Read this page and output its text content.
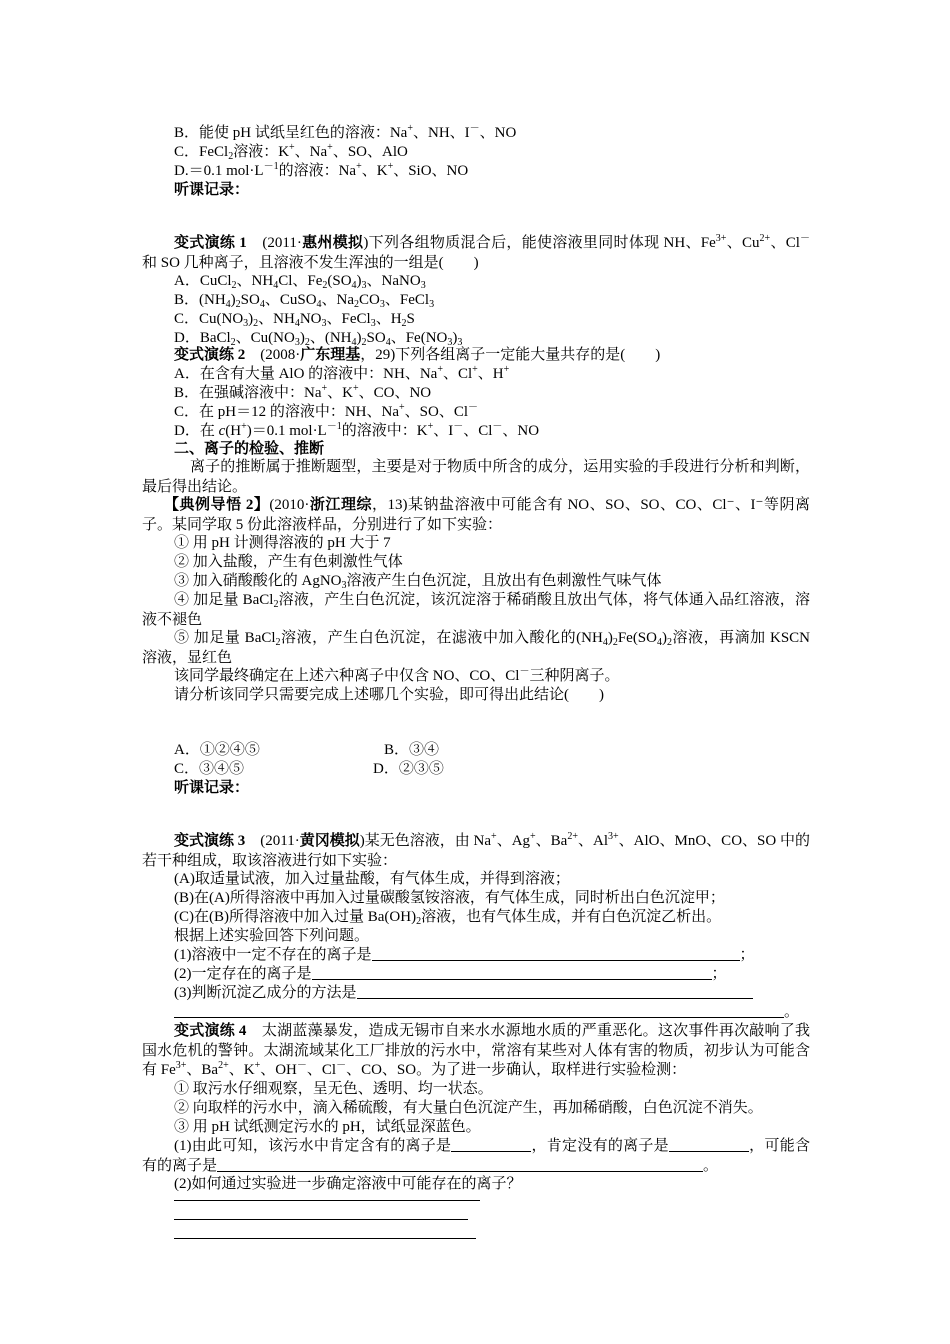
B．能使 pH 试纸呈红色的溶液：Na+、NH、I－、NO
C．FeCl$_2$溶液：K+、Na+、SO、AlO
D.＝0.1 $mol\cdot L^{-1}$的溶液：Na+、K+、SiO、NO
听课记录：
变式演练 1　(2011·惠州模拟)下列各组物质混合后，能使溶液里同时体现 NH、$Fe^{3+}$、$Cu^{2+}$、Cl－和 SO 几种离子，且溶液不发生浑浊的一组是(　　)
A．CuCl$_2$、$NH_4Cl$、$Fe_2(SO_4)_3$、NaNO$_3$
B．$(NH_4)_2SO_4$、CuSO$_4$、$Na_2CO_3$、FeCl$_3$
C．$Cu(NO_3)_2$、$NH_4NO_3$、FeCl$_3$、$H_2S$
D．BaCl$_2$、$Cu(NO_3)_2$、$(NH_4)_2SO_4$、$Fe(NO_3)_3$
变式演练 2　(2008·广东理基，29)下列各组离子一定能大量共存的是(　　)
A．在含有大量 AlO 的溶液中：NH、Na+、Cl+、H+
B．在强碱溶液中：Na+、K+、CO、NO
C．在 pH＝12 的溶液中：NH、Na+、SO、Cl－
D．在 c(H+)＝0.1 $mol\cdot L^{-1}$的溶液中：K+、I－、Cl－、NO
二、离子的检验、推断
离子的推断属于推断题型，主要是对于物质中所含的成分，运用实验的手段进行分析和判断，最后得出结论。
【典例导悟 2】(2010·浙江理综，13)某钠盐溶液中可能含有 NO、SO、SO、CO、Cl⁻、I⁻等阴离子。某同学取 5 份此溶液样品，分别进行了如下实验：
① 用 pH 计测得溶液的 pH 大于 7
② 加入盐酸，产生有色刺激性气体
③ 加入硝酸酸化的 AgNO$_3$溶液产生白色沉淀，且放出有色刺激性气味气体
④ 加足量 BaCl$_2$溶液，产生白色沉淀，该沉淀溶于稀硝酸且放出气体，将气体通入品红溶液，溶液不褪色
⑤ 加足量 BaCl$_2$溶液，产生白色沉淀，在滤液中加入酸化的$(NH_4)_2Fe(SO_4)_2$溶液，再滴加 KSCN 溶液，显红色
该同学最终确定在上述六种离子中仅含 NO、CO、Cl－三种阴离子。
请分析该同学只需要完成上述哪几个实验，即可得出此结论(　　)
A．①②④⑤	B．③④
C．③④⑤	D．②③⑤
听课记录：
变式演练 3　(2011·黄冈模拟)某无色溶液，由 Na+、Ag+、$Ba^{2+}$、$Al^{3+}$、AlO、MnO、CO、SO 中的若干种组成，取该溶液进行如下实验：
(A)取适量试液，加入过量盐酸，有气体生成，并得到溶液；
(B)在(A)所得溶液中再加入过量碳酸氢铵溶液，有气体生成，同时析出白色沉淀甲；
(C)在(B)所得溶液中加入过量 $Ba(OH)_2$溶液，也有气体生成，并有白色沉淀乙析出。
根据上述实验回答下列问题。
(1)溶液中一定不存在的离子是	；
(2)一定存在的离子是	；
(3)判断沉淀乙成分的方法是
。
变式演练 4　太湖蓝藻暴发，造成无锡市自来水水源地水质的严重恶化。这次事件再次敲响了我国水危机的警钟。太湖流域某化工厂排放的污水中，常溶有某些对人体有害的物质，初步认为可能含有 $Fe^{3+}$、$Ba^{2+}$、K+、OH－、Cl－、CO、SO。为了进一步确认，取样进行实验检测：
① 取污水仔细观察，呈无色、透明、均一状态。
② 向取样的污水中，滴入稀硫酸，有大量白色沉淀产生，再加稀硝酸，白色沉淀不消失。
③ 用 pH 试纸测定污水的 pH，试纸显深蓝色。
(1)由此可知，该污水中肯定含有的离子是	，肯定没有的离子是	，可能含有的离子是	。
(2)如何通过实验进一步确定溶液中可能存在的离子？
